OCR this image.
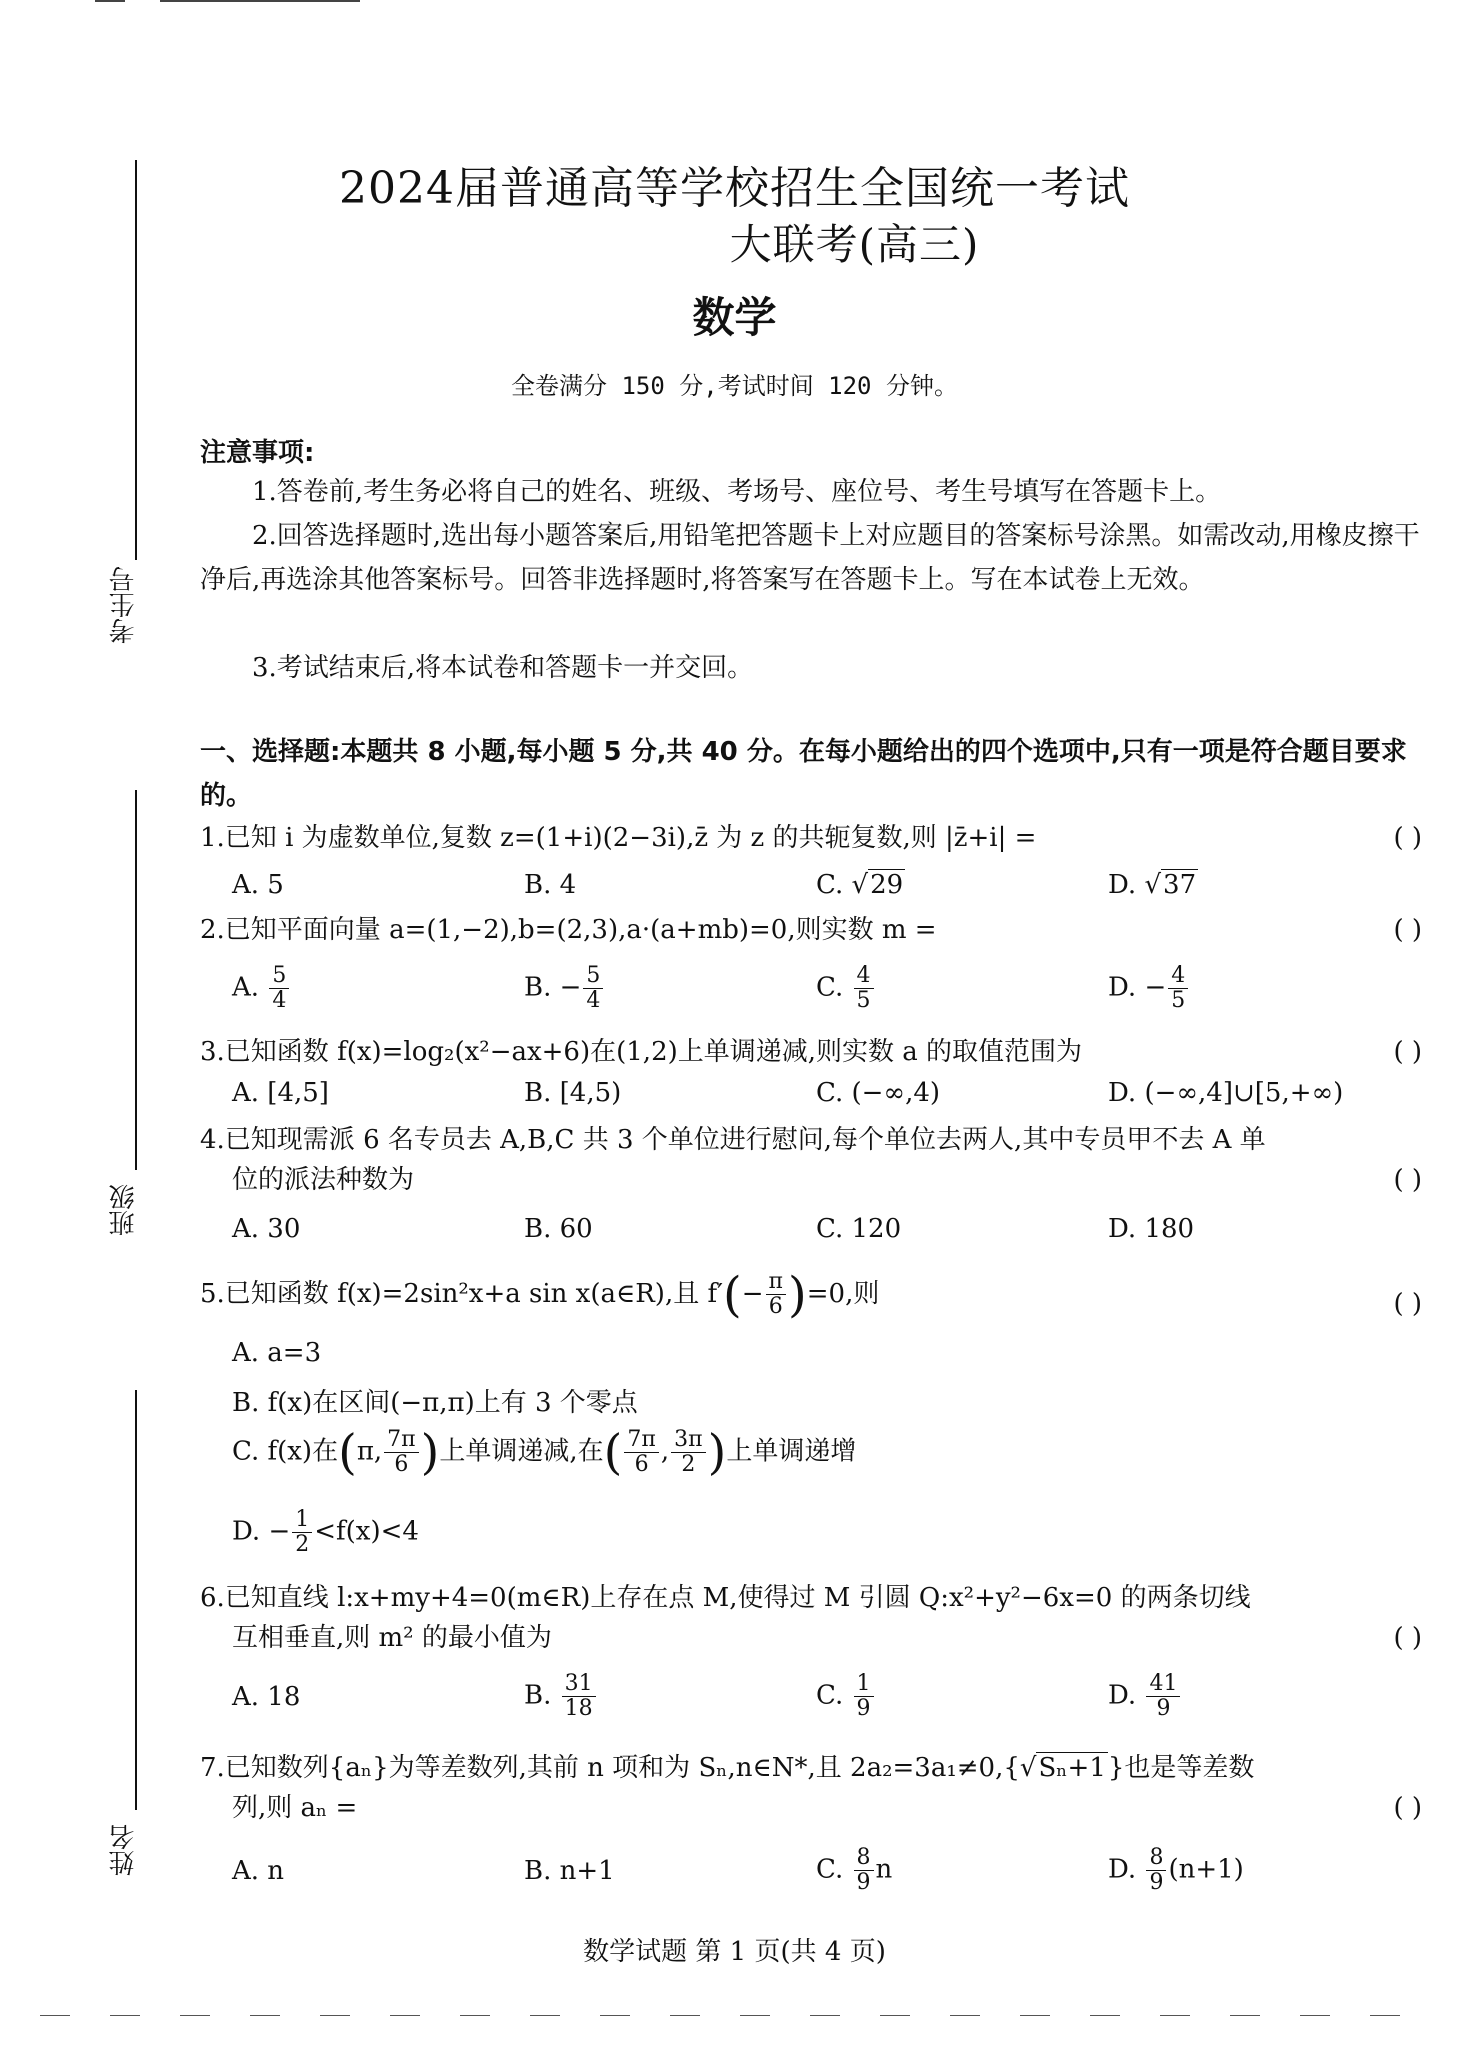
考生号
班级
姓名
2024届普通高等学校招生全国统一考试
大联考(高三)
数学
全卷满分 150 分,考试时间 120 分钟。
注意事项:
1.答卷前,考生务必将自己的姓名、班级、考场号、座位号、考生号填写在答题卡上。
2.回答选择题时,选出每小题答案后,用铅笔把答题卡上对应题目的答案标号涂黑。如需改动,用橡皮擦干净后,再选涂其他答案标号。回答非选择题时,将答案写在答题卡上。写在本试卷上无效。
3.考试结束后,将本试卷和答题卡一并交回。
一、选择题:本题共 8 小题,每小题 5 分,共 40 分。在每小题给出的四个选项中,只有一项是符合题目要求的。
1.已知 i 为虚数单位,复数 z=(1+i)(2−3i),z̄ 为 z 的共轭复数,则 |z̄+i| =	( )
A. 5	B. 4	C. √29	D. √37
2.已知平面向量 a=(1,−2),b=(2,3),a·(a+mb)=0,则实数 m =	( )
A. $\frac{5}{4}$	B. − $\frac{5}{4}$	C. $\frac{4}{5}$	D. − $\frac{4}{5}$
3.已知函数 f(x)=log₂(x²−ax+6)在(1,2)上单调递减,则实数 a 的取值范围为	( )
A. [4,5]	B. [4,5)	C. (−∞,4)	D. (−∞,4]∪[5,+∞)
4.已知现需派 6 名专员去 A,B,C 共 3 个单位进行慰问,每个单位去两人,其中专员甲不去 A 单
位的派法种数为	( )
A. 30	B. 60	C. 120	D. 180
5.已知函数 f(x)=2sin²x+a sin x(a∈R),且 $f'(- \frac{\pi}{6} )=0$,则	( )
A. a=3
B. f(x)在区间(−π,π)上有 3 个零点
C. f(x)在(π, $\frac{7\pi}{6}$ )上单调递减,在( $\frac{7\pi}{6}$ , $\frac{3\pi}{2}$ )上单调递增
D. − $\frac{1}{2} <f(x)<4$
6.已知直线 l:x+my+4=0(m∈R)上存在点 M,使得过 M 引圆 Q:x²+y²−6x=0 的两条切线
互相垂直,则 m² 的最小值为	( )
A. 18	B. $\frac{31}{18}$	C. $\frac{1}{9}$	D. $\frac{41}{9}$
7.已知数列{aₙ}为等差数列,其前 n 项和为 Sₙ,n∈N*,且 2a₂=3a₁≠0,{√Sₙ+1}也是等差数
列,则 aₙ =	( )
A. n	B. n+1	C. $\frac{8}{9}$ n	D. $\frac{8}{9} (n+1)$
数学试题 第 1 页(共 4 页)
